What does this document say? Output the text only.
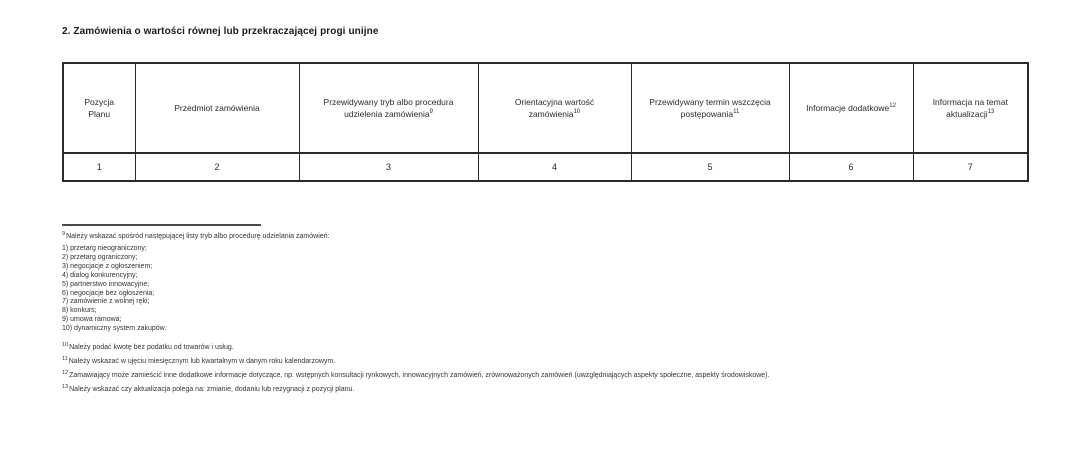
2. Zamówienia o wartości równej lub przekraczającej progi unijne
Pozycja Planu	Przedmiot zamówienia	Przewidywany tryb albo procedura udzielenia zamówienia$^9$	Orientacyjna wartość zamówienia$^{10}$	Przewidywany termin wszczęcia postępowania$^{11}$	Informacje dodatkowe$^{12}$	Informacja na temat aktualizacji$^{13}$
1	2	3	4	5	6	7

$^9$Należy wskazać spośród następującej listy tryb albo procedurę udzielania zamówień:

1) przetarg nieograniczony;
2) przetarg ograniczony;
3) negocjacje z ogłoszeniem;
4) dialog konkurencyjny;
5) partnerstwo innowacyjne;
6) negocjacje bez ogłoszenia;
7) zamówienie z wolnej ręki;
8) konkurs;
9) umowa ramowa;
10) dynamiczny system zakupów.

$^{10}$Należy podać kwotę bez podatku od towarów i usług.

$^{11}$Należy wskazać w ujęciu miesięcznym lub kwartalnym w danym roku kalendarzowym.

$^{12}$Zamawiający może zamieścić inne dodatkowe informacje dotyczące, np. wstępnych konsultacji rynkowych, innowacyjnych zamówień, zrównoważonych zamówień (uwzględniających aspekty społeczne, aspekty środowiskowe).

$^{13}$Należy wskazać czy aktualizacja polega na: zmianie, dodaniu lub rezygnacji z pozycji planu.
